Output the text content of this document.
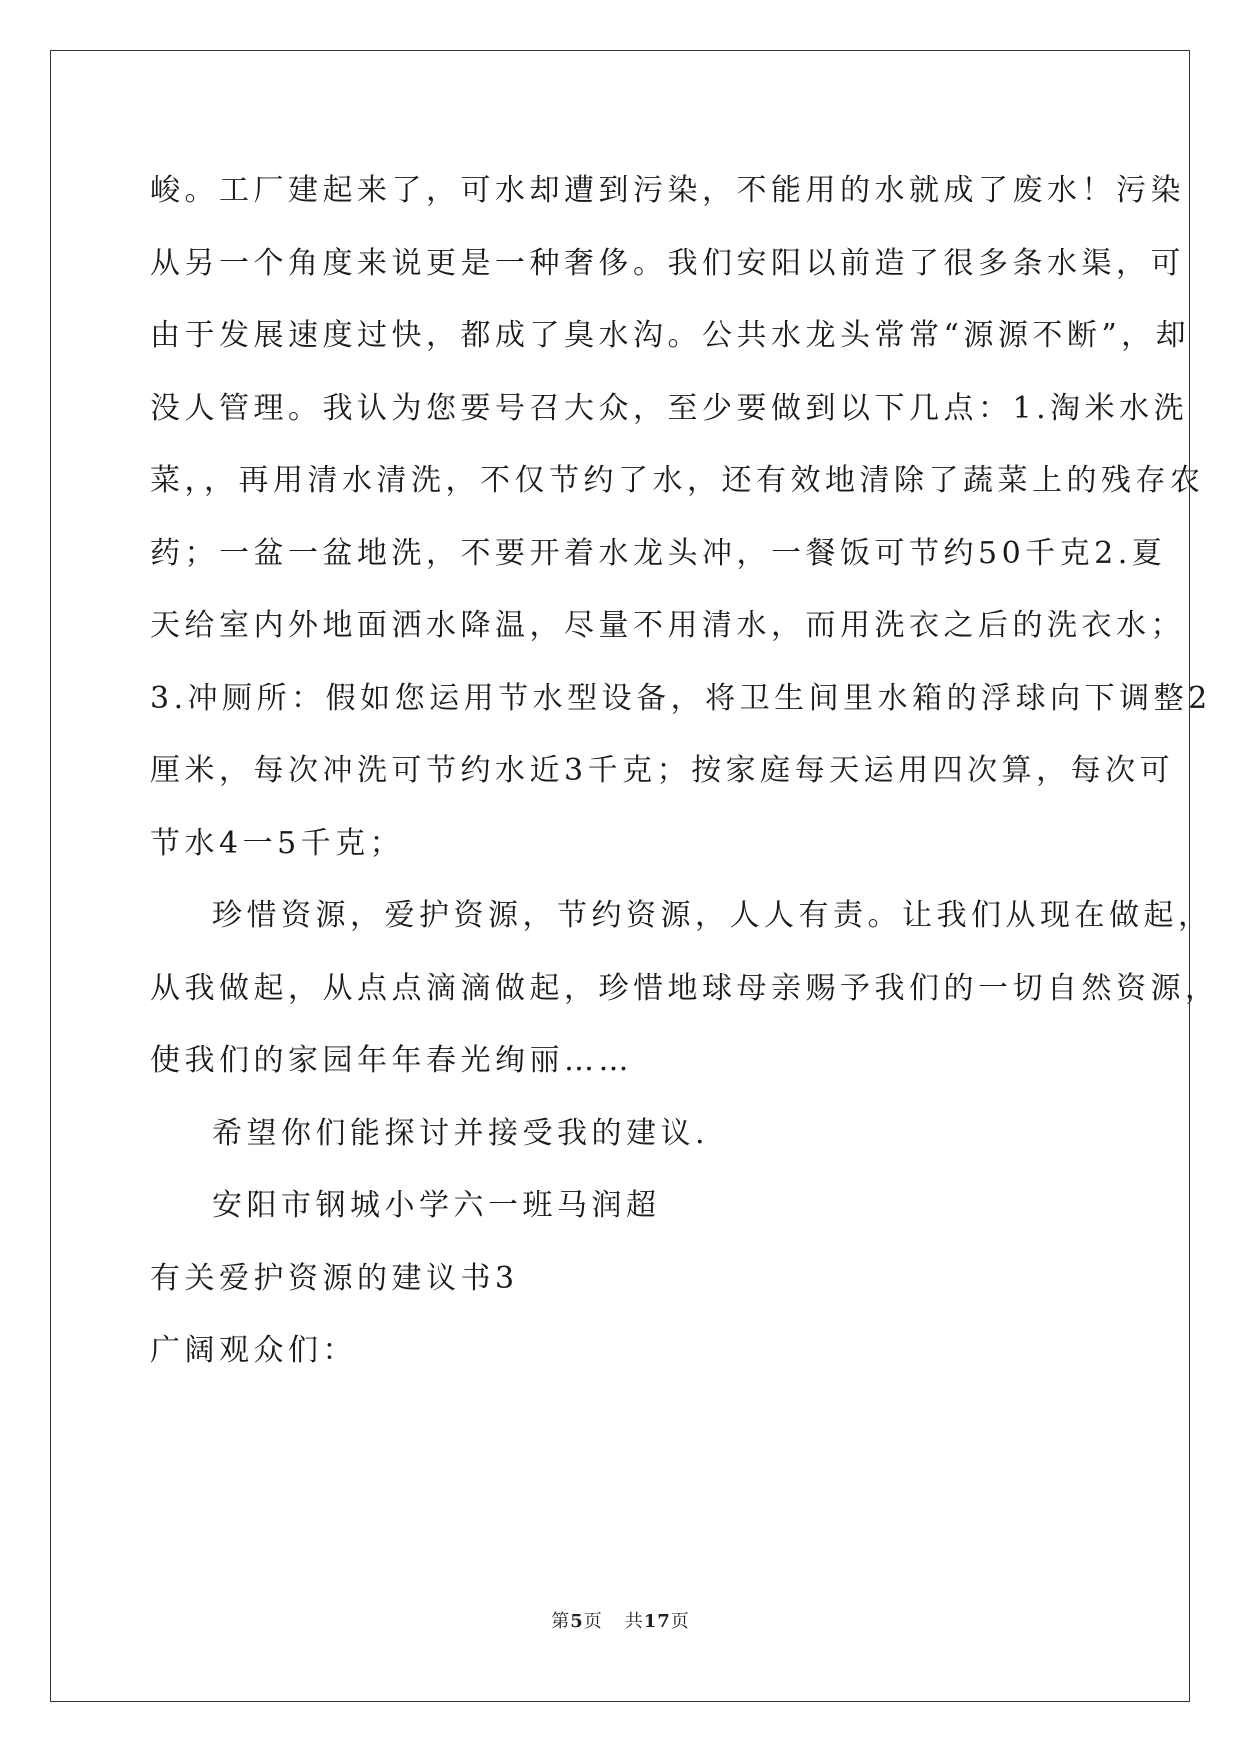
峻。工厂建起来了，可水却遭到污染，不能用的水就成了废水！污染
从另一个角度来说更是一种奢侈。我们安阳以前造了很多条水渠，可
由于发展速度过快，都成了臭水沟。公共水龙头常常“源源不断”，却
没人管理。我认为您要号召大众，至少要做到以下几点：1.淘米水洗
菜，，再用清水清洗，不仅节约了水，还有效地清除了蔬菜上的残存农
药；一盆一盆地洗，不要开着水龙头冲，一餐饭可节约50千克2.夏
天给室内外地面洒水降温，尽量不用清水，而用洗衣之后的洗衣水；
3.冲厕所：假如您运用节水型设备，将卫生间里水箱的浮球向下调整2
厘米，每次冲洗可节约水近3千克；按家庭每天运用四次算，每次可
节水4一5千克；
珍惜资源，爱护资源，节约资源，人人有责。让我们从现在做起，
从我做起，从点点滴滴做起，珍惜地球母亲赐予我们的一切自然资源，
使我们的家园年年春光绚丽……
希望你们能探讨并接受我的建议.
安阳市钢城小学六一班马润超
有关爱护资源的建议书3
广阔观众们：
第5页 共17页
